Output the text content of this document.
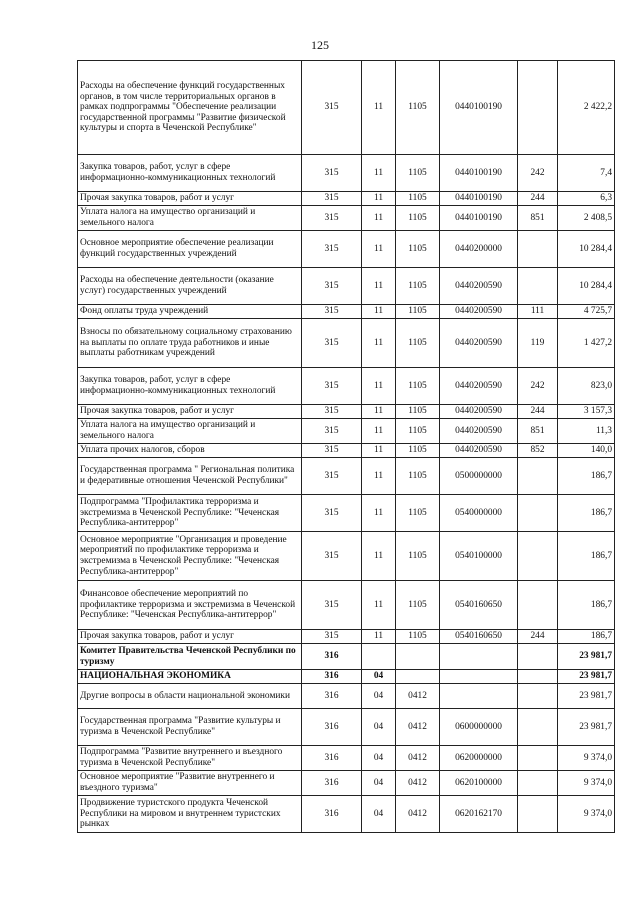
125
Расходы на обеспечение функций государственных органов, в том числе территориальных органов в рамках подпрограммы "Обеспечение реализации государственной программы "Развитие физической культуры и спорта в Чеченской Республике"	315	11	1105	0440100190		2 422,2
Закупка товаров, работ, услуг в сфере информационно-коммуникационных технологий	315	11	1105	0440100190	242	7,4
Прочая закупка товаров, работ и услуг	315	11	1105	0440100190	244	6,3
Уплата налога на имущество организаций и земельного налога	315	11	1105	0440100190	851	2 408,5
Основное мероприятие обеспечение реализации функций государственных учреждений	315	11	1105	0440200000		10 284,4
Расходы на обеспечение деятельности (оказание услуг) государственных учреждений	315	11	1105	0440200590		10 284,4
Фонд оплаты труда учреждений	315	11	1105	0440200590	111	4 725,7
Взносы по обязательному социальному страхованию на выплаты по оплате труда работников и иные выплаты работникам учреждений	315	11	1105	0440200590	119	1 427,2
Закупка товаров, работ, услуг в сфере информационно-коммуникационных технологий	315	11	1105	0440200590	242	823,0
Прочая закупка товаров, работ и услуг	315	11	1105	0440200590	244	3 157,3
Уплата налога на имущество организаций и земельного налога	315	11	1105	0440200590	851	11,3
Уплата прочих налогов, сборов	315	11	1105	0440200590	852	140,0
Государственная программа " Региональная политика и федеративные отношения Чеченской Республики"	315	11	1105	0500000000		186,7
Подпрограмма "Профилактика терроризма и экстремизма в Чеченской Республике: "Чеченская Республика-антитеррор"	315	11	1105	0540000000		186,7
Основное мероприятие "Организация и проведение мероприятий по профилактике терроризма и экстремизма в Чеченской Республике: "Чеченская Республика-антитеррор"	315	11	1105	0540100000		186,7
Финансовое обеспечение мероприятий по профилактике терроризма и экстремизма в Чеченской Республике: "Чеченская Республика-антитеррор"	315	11	1105	0540160650		186,7
Прочая закупка товаров, работ и услуг	315	11	1105	0540160650	244	186,7
Комитет Правительства Чеченской Республики по туризму	316					23 981,7
НАЦИОНАЛЬНАЯ ЭКОНОМИКА	316	04				23 981,7
Другие вопросы в области национальной экономики	316	04	0412			23 981,7
Государственная программа "Развитие культуры и туризма в Чеченской Республике"	316	04	0412	0600000000		23 981,7
Подпрограмма "Развитие внутреннего и въездного туризма в Чеченской Республике"	316	04	0412	0620000000		9 374,0
Основное мероприятие "Развитие внутреннего и въездного туризма"	316	04	0412	0620100000		9 374,0
Продвижение туристского продукта Чеченской Республики на мировом и внутреннем туристских рынках	316	04	0412	0620162170		9 374,0
